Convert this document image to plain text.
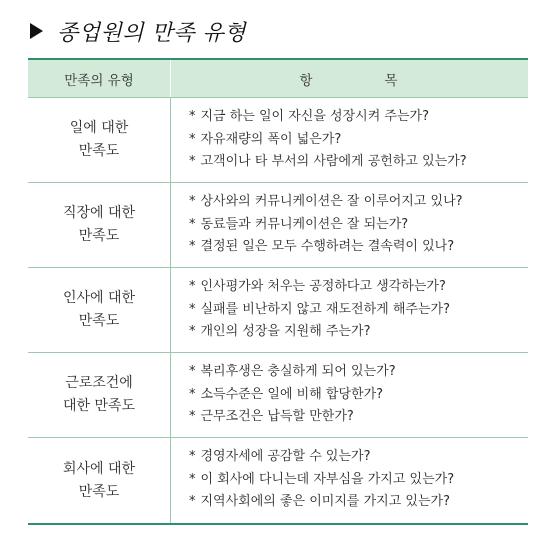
종업원의 만족 유형
만족의 유형	항	목
일에 대한
만족도
* 지금 하는 일이 자신을 성장시켜 주는가?
* 자유재량의 폭이 넓은가?
* 고객이나 타 부서의 사람에게 공헌하고 있는가?
직장에 대한
만족도
* 상사와의 커뮤니케이션은 잘 이루어지고 있나?
* 동료들과 커뮤니케이션은 잘 되는가?
* 결정된 일은 모두 수행하려는 결속력이 있나?
인사에 대한
만족도
* 인사평가와 처우는 공정하다고 생각하는가?
* 실패를 비난하지 않고 재도전하게 해주는가?
* 개인의 성장을 지원해 주는가?
근로조건에
대한 만족도
* 복리후생은 충실하게 되어 있는가?
* 소득수준은 일에 비해 합당한가?
* 근무조건은 납득할 만한가?
회사에 대한
만족도
* 경영자세에 공감할 수 있는가?
* 이 회사에 다니는데 자부심을 가지고 있는가?
* 지역사회에의 좋은 이미지를 가지고 있는가?
